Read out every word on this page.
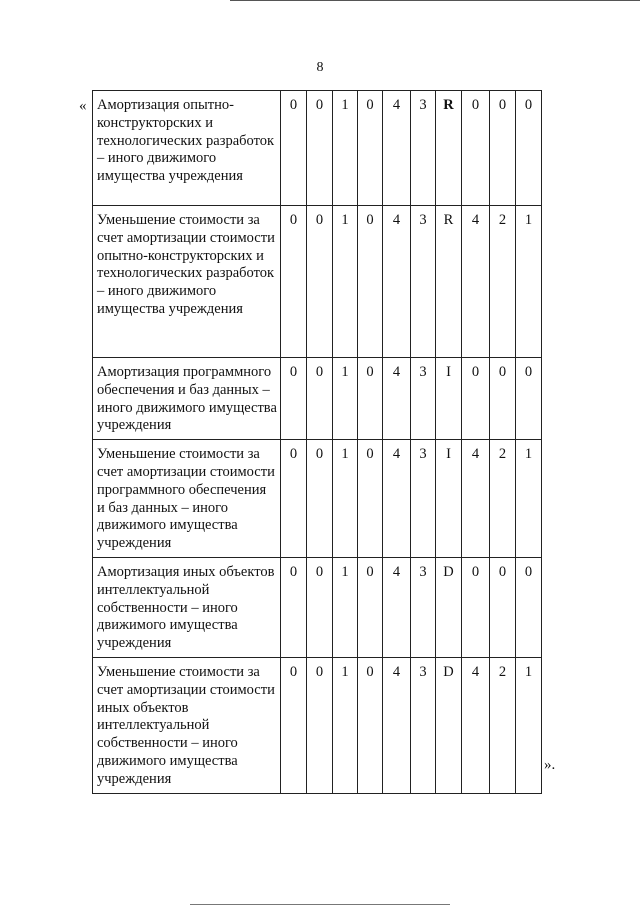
8
« Амортизация опытно-конструкторских и технологических разработок – иного движимого имущества учреждения	0	0	1	0	4	3	R	0	0	0
Уменьшение стоимости за счет амортизации стоимости опытно-конструкторских и технологических разработок – иного движимого имущества учреждения	0	0	1	0	4	3	R	4	2	1
Амортизация программного обеспечения и баз данных – иного движимого имущества учреждения	0	0	1	0	4	3	I	0	0	0
Уменьшение стоимости за счет амортизации стоимости программного обеспечения и баз данных – иного движимого имущества учреждения	0	0	1	0	4	3	I	4	2	1
Амортизация иных объектов интеллектуальной собственности – иного движимого имущества учреждения	0	0	1	0	4	3	D	0	0	0
Уменьшение стоимости за счет амортизации стоимости иных объектов интеллектуальной собственности – иного движимого имущества учреждения	0	0	1	0	4	3	D	4	2	1
».
